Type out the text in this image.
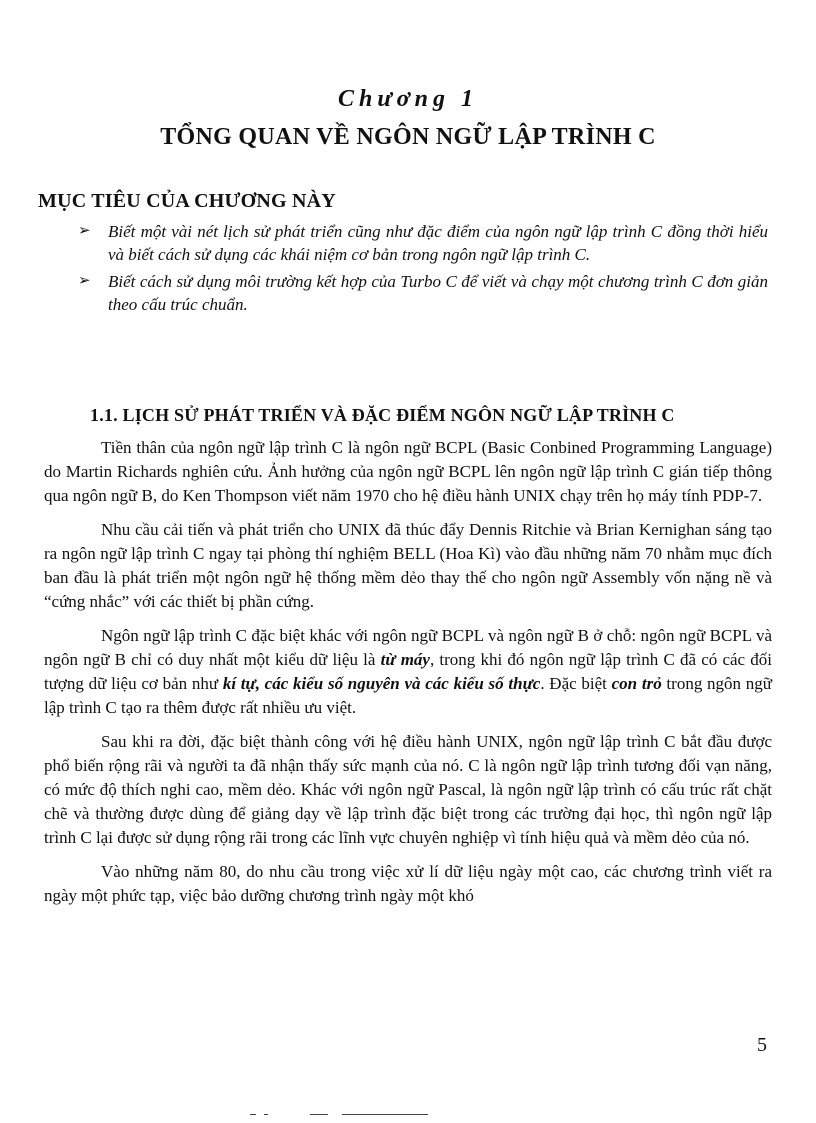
Chương 1
TỔNG QUAN VỀ NGÔN NGỮ LẬP TRÌNH C
MỤC TIÊU CỦA CHƯƠNG NÀY
➢	Biết một vài nét lịch sử phát triển cũng như đặc điểm của ngôn ngữ lập trình C đồng thời hiểu và biết cách sử dụng các khái niệm cơ bản trong ngôn ngữ lập trình C.
➢	Biết cách sử dụng môi trường kết hợp của Turbo C để viết và chạy một chương trình C đơn giản theo cấu trúc chuẩn.
1.1. LỊCH SỬ PHÁT TRIỂN VÀ ĐẶC ĐIỂM NGÔN NGỮ LẬP TRÌNH C

Tiền thân của ngôn ngữ lập trình C là ngôn ngữ BCPL (Basic Conbined Programming Language) do Martin Richards nghiên cứu. Ảnh hưởng của ngôn ngữ BCPL lên ngôn ngữ lập trình C gián tiếp thông qua ngôn ngữ B, do Ken Thompson viết năm 1970 cho hệ điều hành UNIX chạy trên họ máy tính PDP-7.

Nhu cầu cải tiến và phát triển cho UNIX đã thúc đẩy Dennis Ritchie và Brian Kernighan sáng tạo ra ngôn ngữ lập trình C ngay tại phòng thí nghiệm BELL (Hoa Kì) vào đầu những năm 70 nhằm mục đích ban đầu là phát triển một ngôn ngữ hệ thống mềm dẻo thay thế cho ngôn ngữ Assembly vốn nặng nề và “cứng nhắc” với các thiết bị phần cứng.

Ngôn ngữ lập trình C đặc biệt khác với ngôn ngữ BCPL và ngôn ngữ B ở chỗ: ngôn ngữ BCPL và ngôn ngữ B chỉ có duy nhất một kiểu dữ liệu là từ máy, trong khi đó ngôn ngữ lập trình C đã có các đối tượng dữ liệu cơ bản như kí tự, các kiểu số nguyên và các kiểu số thực. Đặc biệt con trỏ trong ngôn ngữ lập trình C tạo ra thêm được rất nhiều ưu việt.

Sau khi ra đời, đặc biệt thành công với hệ điều hành UNIX, ngôn ngữ lập trình C bắt đầu được phổ biến rộng rãi và người ta đã nhận thấy sức mạnh của nó. C là ngôn ngữ lập trình tương đối vạn năng, có mức độ thích nghi cao, mềm dẻo. Khác với ngôn ngữ Pascal, là ngôn ngữ lập trình có cấu trúc rất chặt chẽ và thường được dùng để giảng dạy về lập trình đặc biệt trong các trường đại học, thì ngôn ngữ lập trình C lại được sử dụng rộng rãi trong các lĩnh vực chuyên nghiệp vì tính hiệu quả và mềm dẻo của nó.

Vào những năm 80, do nhu cầu trong việc xử lí dữ liệu ngày một cao, các chương trình viết ra ngày một phức tạp, việc bảo dưỡng chương trình ngày một khó

5
